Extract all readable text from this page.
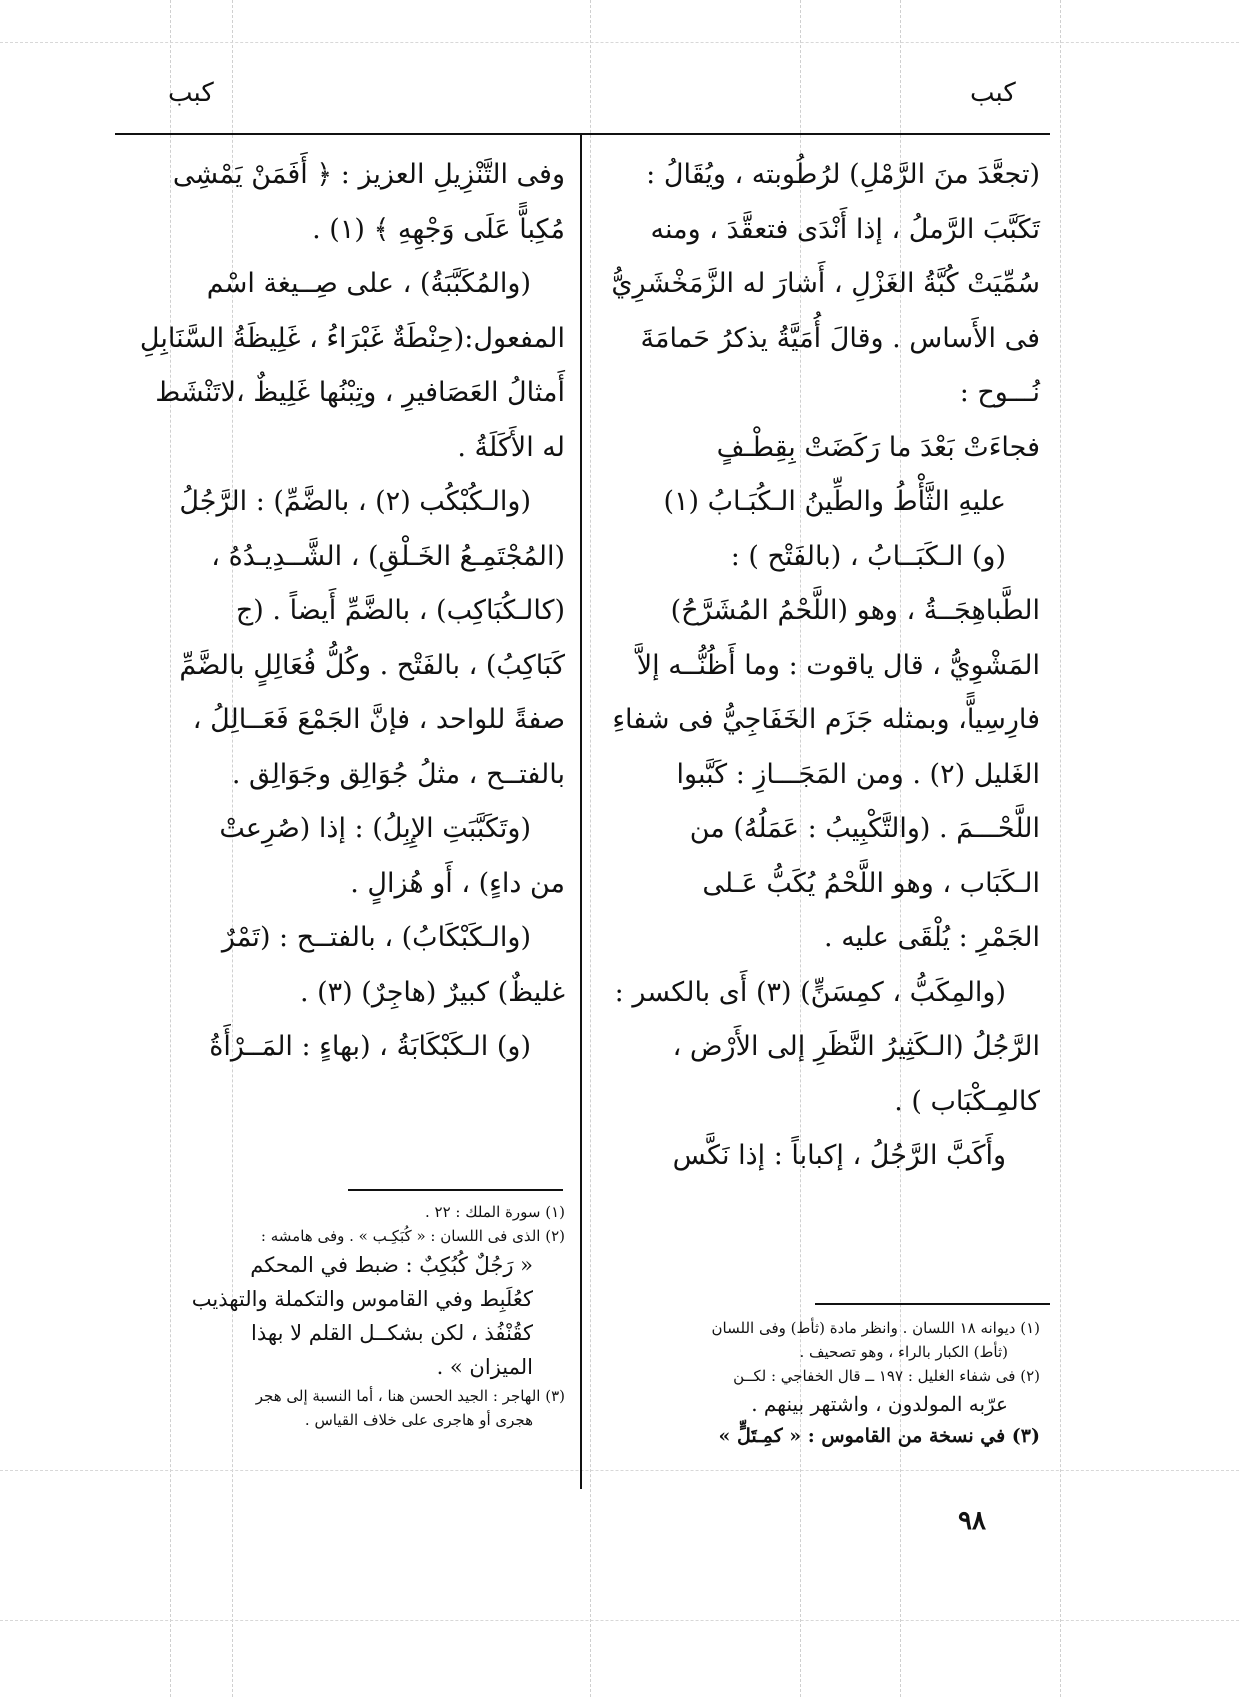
كبب	كبب

(تجعَّدَ منَ الرَّمْلِ) لرُطُوبته ، ويُقَالُ :

تَكَبَّبَ الرَّملُ ، إذا أَنْدَى فتعقَّدَ ، ومنه

سُمِّيَتْ كُبَّةُ الغَزْلِ ، أَشارَ له الزَّمَخْشَرِيُّ

فى الأَساس . وقالَ أُمَيَّةُ يذكرُ حَمامَةَ

نُـــوح :

فجاءَتْ بَعْدَ ما رَكَضَتْ بِقِطْـفٍ

عليهِ الثَّأْطُ والطِّينُ الـكُبَـابُ (١)

(و) الـكَبَــابُ ، (بالفَتْح ) :

الطَّباهِجَــةُ ، وهو (اللَّحْمُ المُشَرَّحُ)

المَشْوِيُّ ، قال ياقوت : وما أَظُنُّــه إلاَّ

فارِسِياًّ، وبمثله جَزَم الخَفَاجِيُّ فى شفاءِ

الغَليل (٢) . ومن المَجَـــازِ : كَبَّبوا

اللَّحْـــمَ . (والتَّكْبِيبُ : عَمَلُهُ) من

الـكَبَاب ، وهو اللَّحْمُ يُكَبُّ عَـلى

الجَمْرِ : يُلْقَى عليه .

(والمِكَبُّ ، كمِسَنٍّ) (٣) أَى بالكسر :

الرَّجُلُ (الـكَثِيرُ النَّظَرِ إلى الأَرْض ،

كالمِـكْبَاب ) .

وأَكَبَّ الرَّجُلُ ، إكباباً : إذا نَكَّس

وفى التَّنْزِيلِ العزيز : ﴿ أَفَمَنْ يَمْشِى

مُكِباًّ عَلَى وَجْهِهِ ﴾ (١) .

(والمُكَبَّبَةُ) ، على صِــيغة اسْم

المفعول:(حِنْطَةٌ غَبْرَاءُ ، غَلِيظَةُ السَّنَابِلِ

أَمثالُ العَصَافيرِ ، وتِبْنُها غَلِيظٌ ،لاتَنْشَط

له الأَكَلَةُ .

(والـكُبْكُب (٢) ، بالضَّمِّ) : الرَّجُلُ

(المُجْتَمِـعُ الخَـلْقِ) ، الشَّــدِيـدُهُ ،

(كالـكُبَاكِب) ، بالضَّمِّ أَيضاً . (ج

كَبَاكِبُ) ، بالفَتْح . وكُلُّ فُعَالِلٍ بالضَّمِّ

صفةً للواحد ، فإنَّ الجَمْعَ فَعَــالِلُ ،

بالفتــح ، مثلُ جُوَالِق وجَوَالِق .

(وتَكَبَّبَتِ الإِبِلُ) : إذا (صُرِعتْ

من داءٍ) ، أَو هُزالٍ .

(والـكَبْكَابُ) ، بالفتــح : (تَمْرٌ

غليظٌ) كبيرٌ (هاجِرٌ) (٣) .

(و) الـكَبْكَابَةُ ، (بهاءٍ : المَــرْأَةُ

(١) ديوانه ١٨ اللسان . وانظر مادة (ثأط) وفى اللسان

(ثأط) الكبار بالراء ، وهو تصحيف .

(٢) فى شفاء الغليل : ١٩٧ ــ قال الخفاجي : لكــن

عرّبه المولدون ، واشتهر بينهم .

(٣) في نسخة من القاموس : « كمِـتَلٍّ »

(١) سورة الملك : ٢٢ .

(٢) الذى فى اللسان : « كُبَكِـب » . وفى هامشه :

« رَجُلٌ كُبُكِبٌ : ضبط في المحكم

كعُلَبِط وفي القاموس والتكملة والتهذيب

كقُنْفُذ ، لكن بشكــل القلم لا بهذا

الميزان » .

(٣) الهاجر : الجيد الحسن هنا ، أما النسبة إلى هجر

هجرى أو هاجرى على خلاف القياس .

٩٨
